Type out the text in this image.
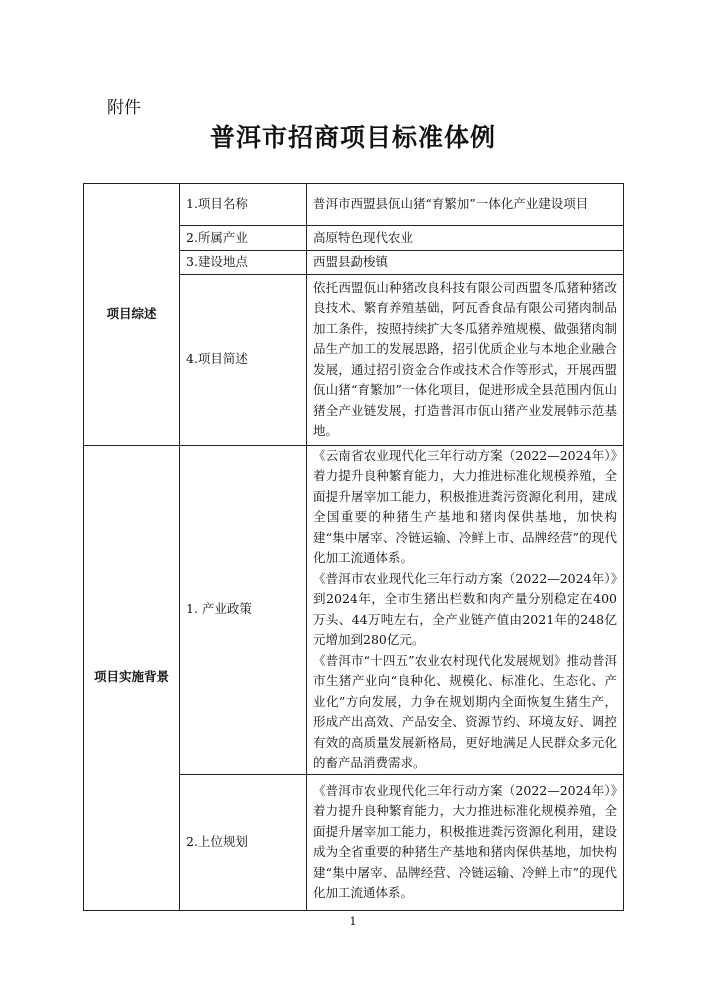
附件
普洱市招商项目标准体例
项目综述	1.项目名称	普洱市西盟县佤山猪“育繁加”一体化产业建设项目
	2.所属产业	高原特色现代农业
	3.建设地点	西盟县勐梭镇
	4.项目简述	依托西盟佤山种猪改良科技有限公司西盟冬瓜猪种猪改良技术、繁育养殖基础，阿瓦香食品有限公司猪肉制品加工条件，按照持续扩大冬瓜猪养殖规模、做强猪肉制品生产加工的发展思路，招引优质企业与本地企业融合发展，通过招引资金合作或技术合作等形式，开展西盟佤山猪“育繁加”一体化项目，促进形成全县范围内佤山猪全产业链发展，打造普洱市佤山猪产业发展韩示范基地。
项目实施背景	1. 产业政策	《云南省农业现代化三年行动方案（2022—2024年）》着力提升良种繁育能力，大力推进标准化规模养殖，全面提升屠宰加工能力，积极推进粪污资源化利用，建成全国重要的种猪生产基地和猪肉保供基地，加快构建“集中屠宰、冷链运输、冷鲜上市、品牌经营”的现代化加工流通体系。

《普洱市农业现代化三年行动方案（2022—2024年）》到2024年，全市生猪出栏数和肉产量分别稳定在400万头、44万吨左右，全产业链产值由2021年的248亿元增加到280亿元。

《普洱市“十四五”农业农村现代化发展规划》推动普洱市生猪产业向“良种化、规模化、标准化、生态化、产业化”方向发展，力争在规划期内全面恢复生猪生产，形成产出高效、产品安全、资源节约、环境友好、调控有效的高质量发展新格局，更好地满足人民群众多元化的畜产品消费需求。

	2.上位规划	《普洱市农业现代化三年行动方案（2022—2024年）》着力提升良种繁育能力，大力推进标准化规模养殖，全面提升屠宰加工能力，积极推进粪污资源化利用，建设成为全省重要的种猪生产基地和猪肉保供基地，加快构建“集中屠宰、品牌经营、冷链运输、冷鲜上市”的现代化加工流通体系。

1
